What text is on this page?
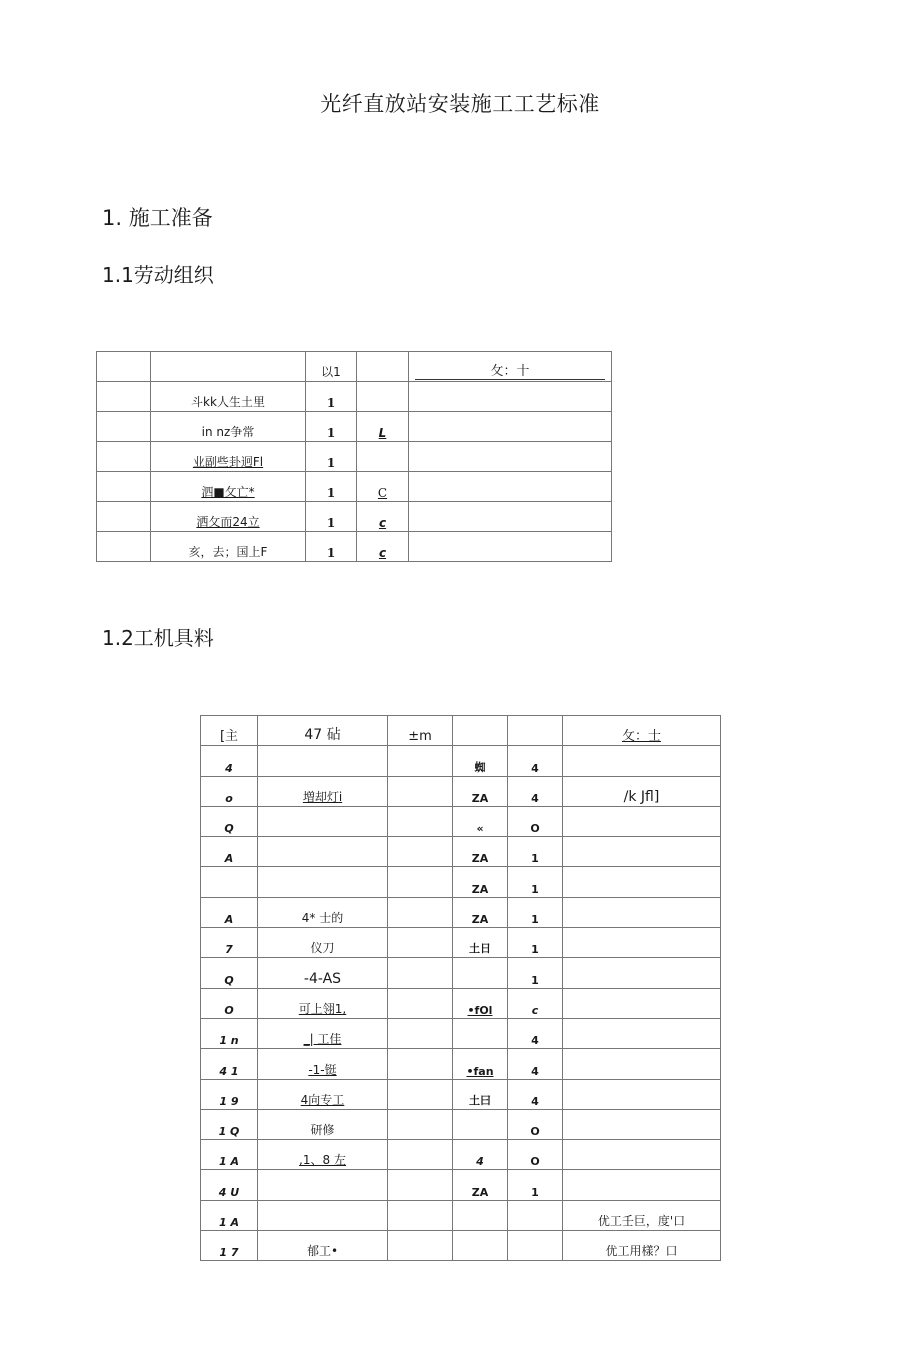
光纤直放站安装施工工艺标准
1. 施工准备
1.1劳动组织
		以1		攵：十
	斗kk人生土里	1		
	in nz争常	1	L	
	业副些卦迥Fl	1		
	泗■攵亡*	1	C	
	洒攵而24立	1	c	
	亥，去；国上F	1	c	
1.2工机具料
[主	47 砧	±m			攵：士
4			蜘	4	
o	増却灯i		ZA	4	/k Jfl]
Q			«	O	
A			ZA	1	
			ZA	1	
A	4* 士的		ZA	1	
7	仪刀		土日	1	
Q	-4-AS			1	
O	可上翎1,		•fOl	c	
1 n	_| 工佳			4	
4 1	-1-铤		•fan	4	
1 9	4向专工		土曰	4	
1 Q	研修			O	
1 A	,1、8 左		4	O	
4 U			ZA	1	
1 A					优工壬巨，度'口
1 7	郁工•				优工用樣？口
